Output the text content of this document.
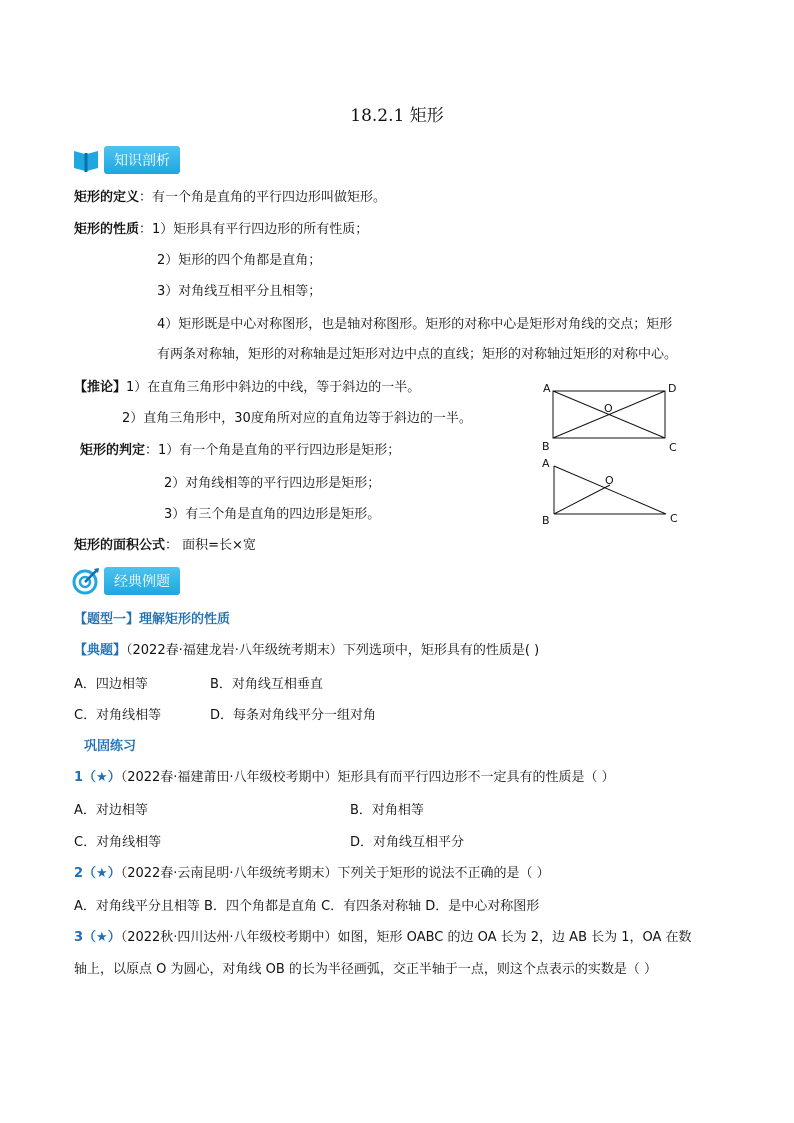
18.2.1 矩形
知识剖析
矩形的定义：有一个角是直角的平行四边形叫做矩形。
矩形的性质：1）矩形具有平行四边形的所有性质；
2）矩形的四个角都是直角；
3）对角线互相平分且相等；
4）矩形既是中心对称图形，也是轴对称图形。矩形的对称中心是矩形对角线的交点；矩形
有两条对称轴，矩形的对称轴是过矩形对边中点的直线；矩形的对称轴过矩形的对称中心。
【推论】1）在直角三角形中斜边的中线，等于斜边的一半。
2）直角三角形中，30度角所对应的直角边等于斜边的一半。
矩形的判定：1）有一个角是直角的平行四边形是矩形；
2）对角线相等的平行四边形是矩形；
3）有三个角是直角的四边形是矩形。
矩形的面积公式： 面积=长×宽
A	D
O
B	C
A
O
B	C
经典例题
【题型一】理解矩形的性质
【典题】（2022春·福建龙岩·八年级统考期末）下列选项中，矩形具有的性质是( )
A．四边相等	B．对角线互相垂直
C．对角线相等	D．每条对角线平分一组对角
巩固练习
1（★）（2022春·福建莆田·八年级校考期中）矩形具有而平行四边形不一定具有的性质是（ ）
A．对边相等	B．对角相等
C．对角线相等	D．对角线互相平分
2（★）（2022春·云南昆明·八年级统考期末）下列关于矩形的说法不正确的是（ ）
A．对角线平分且相等 B．四个角都是直角 C．有四条对称轴 D．是中心对称图形
3（★）（2022秋·四川达州·八年级校考期中）如图，矩形 OABC 的边 OA 长为 2，边 AB 长为 1，OA 在数
轴上，以原点 O 为圆心，对角线 OB 的长为半径画弧，交正半轴于一点，则这个点表示的实数是（ ）
